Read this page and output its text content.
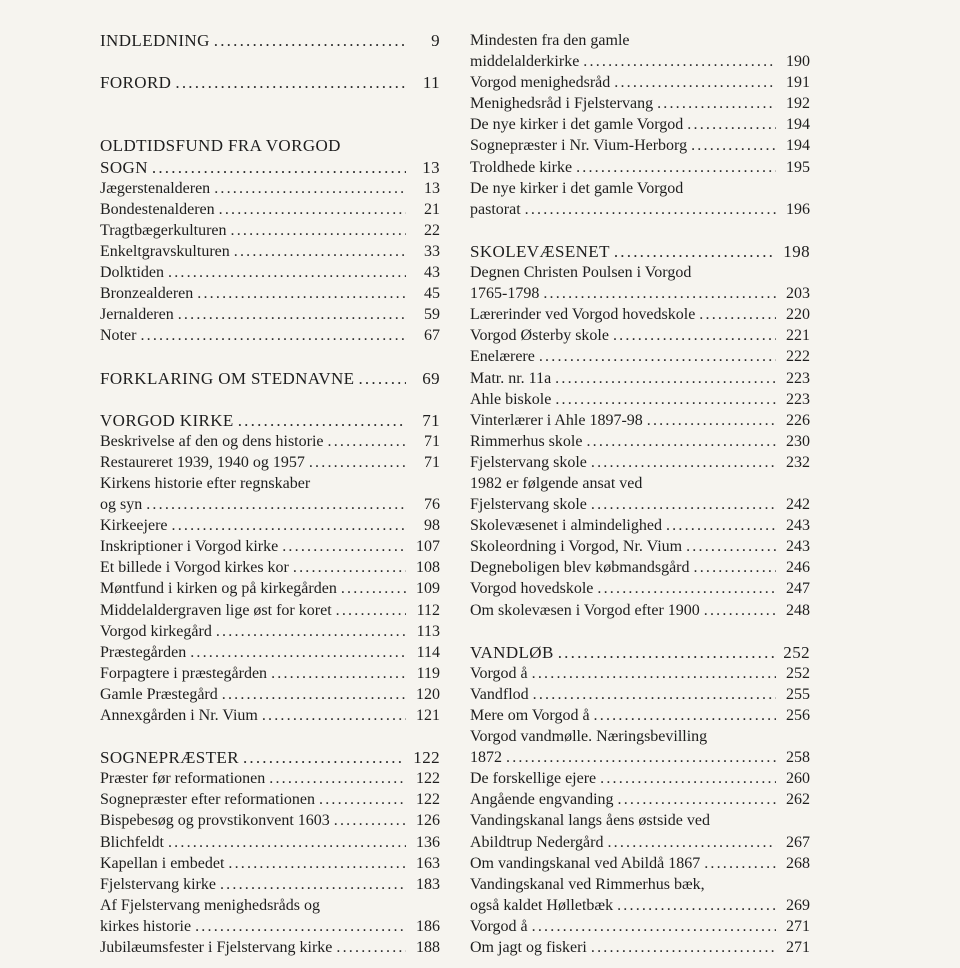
INDLEDNING .....	9
FORORD .....	11
OLDTIDSFUND FRA VORGOD
SOGN .....	13
Jægerstenalderen .....	13
Bondestenalderen .....	21
Tragtbægerkulturen .....	22
Enkeltgravskulturen .....	33
Dolktiden .....	43
Bronzealderen .....	45
Jernalderen .....	59
Noter .....	67
FORKLARING OM STEDNAVNE .....	69
VORGOD KIRKE .....	71
Beskrivelse af den og dens historie .....	71
Restaureret 1939, 1940 og 1957 .....	71
Kirkens historie efter regnskaber
og syn .....	76
Kirkeejere .....	98
Inskriptioner i Vorgod kirke .....	107
Et billede i Vorgod kirkes kor .....	108
Møntfund i kirken og på kirkegården .....	109
Middelaldergraven lige øst for koret .....	112
Vorgod kirkegård .....	113
Præstegården .....	114
Forpagtere i præstegården .....	119
Gamle Præstegård .....	120
Annexgården i Nr. Vium .....	121
SOGNEPRÆSTER .....	122
Præster før reformationen .....	122
Sognepræster efter reformationen .....	122
Bispebesøg og provstikonvent 1603 .....	126
Blichfeldt .....	136
Kapellan i embedet .....	163
Fjelstervang kirke .....	183
Af Fjelstervang menighedsråds og
kirkes historie .....	186
Jubilæumsfester i Fjelstervang kirke .....	188
Mindesten fra den gamle
middelalderkirke .....	190
Vorgod menighedsråd .....	191
Menighedsråd i Fjelstervang .....	192
De nye kirker i det gamle Vorgod .....	194
Sognepræster i Nr. Vium-Herborg .....	194
Troldhede kirke .....	195
De nye kirker i det gamle Vorgod
pastorat .....	196
SKOLEVÆSENET .....	198
Degnen Christen Poulsen i Vorgod
1765-1798 .....	203
Lærerinder ved Vorgod hovedskole .....	220
Vorgod Østerby skole .....	221
Enelærere .....	222
Matr. nr. 11a .....	223
Ahle biskole .....	223
Vinterlærer i Ahle 1897-98 .....	226
Rimmerhus skole .....	230
Fjelstervang skole .....	232
1982 er følgende ansat ved
Fjelstervang skole .....	242
Skolevæsenet i almindelighed .....	243
Skoleordning i Vorgod, Nr. Vium .....	243
Degneboligen blev købmandsgård .....	246
Vorgod hovedskole .....	247
Om skolevæsen i Vorgod efter 1900 .....	248
VANDLØB .....	252
Vorgod å .....	252
Vandflod .....	255
Mere om Vorgod å .....	256
Vorgod vandmølle. Næringsbevilling
1872 .....	258
De forskellige ejere .....	260
Angående engvanding .....	262
Vandingskanal langs åens østside ved
Abildtrup Nedergård .....	267
Om vandingskanal ved Abildå 1867 .....	268
Vandingskanal ved Rimmerhus bæk,
også kaldet Hølletbæk .....	269
Vorgod å .....	271
Om jagt og fiskeri .....	271
